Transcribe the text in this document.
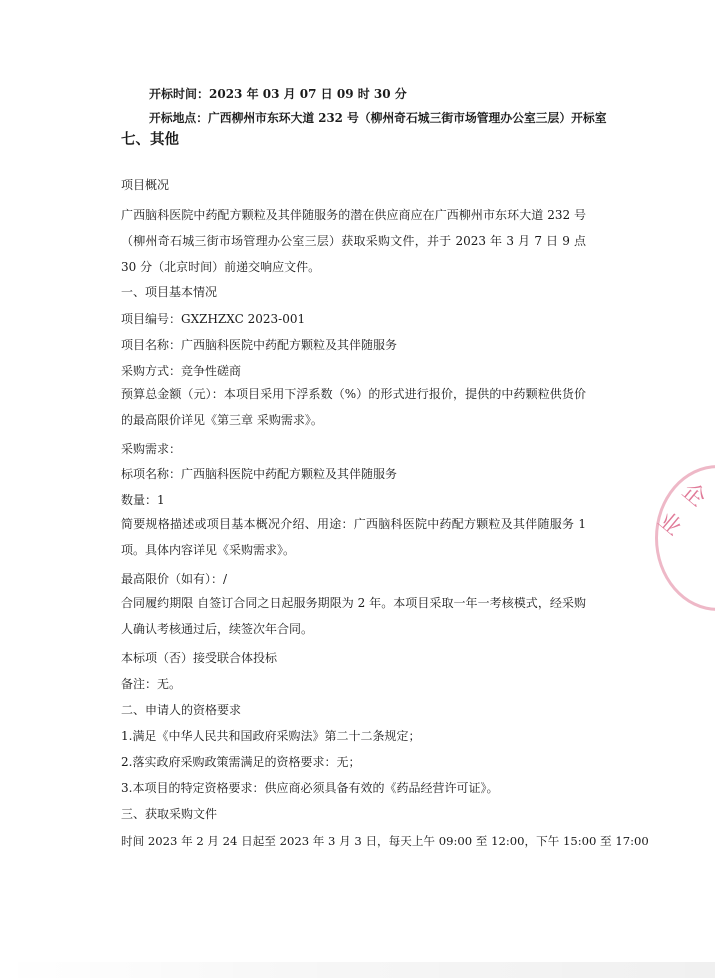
开标时间：2023 年 03 月 07 日 09 时 30 分
开标地点：广西柳州市东环大道 232 号（柳州奇石城三街市场管理办公室三层）开标室
七、其他
项目概况
广西脑科医院中药配方颗粒及其伴随服务的潜在供应商应在广西柳州市东环大道 232 号（柳州奇石城三街市场管理办公室三层）获取采购文件，并于 2023 年 3 月 7 日 9 点 30 分（北京时间）前递交响应文件。
一、项目基本情况
项目编号：GXZHZXC 2023-001
项目名称：广西脑科医院中药配方颗粒及其伴随服务
采购方式：竞争性磋商
预算总金额（元）：本项目采用下浮系数（%）的形式进行报价，提供的中药颗粒供货价的最高限价详见《第三章 采购需求》。
采购需求：
标项名称：广西脑科医院中药配方颗粒及其伴随服务
数量：1
简要规格描述或项目基本概况介绍、用途：广西脑科医院中药配方颗粒及其伴随服务 1 项。具体内容详见《采购需求》。
最高限价（如有）：/
合同履约期限 自签订合同之日起服务期限为 2 年。本项目采取一年一考核模式，经采购人确认考核通过后，续签次年合同。
本标项（否）接受联合体投标
备注：无。
二、申请人的资格要求
1.满足《中华人民共和国政府采购法》第二十二条规定；
2.落实政府采购政策需满足的资格要求：无；
3.本项目的特定资格要求：供应商必须具备有效的《药品经营许可证》。
三、获取采购文件
时间 2023 年 2 月 24 日起至 2023 年 3 月 3 日，每天上午 09:00 至 12:00，下午 15:00 至 17:00
企业
